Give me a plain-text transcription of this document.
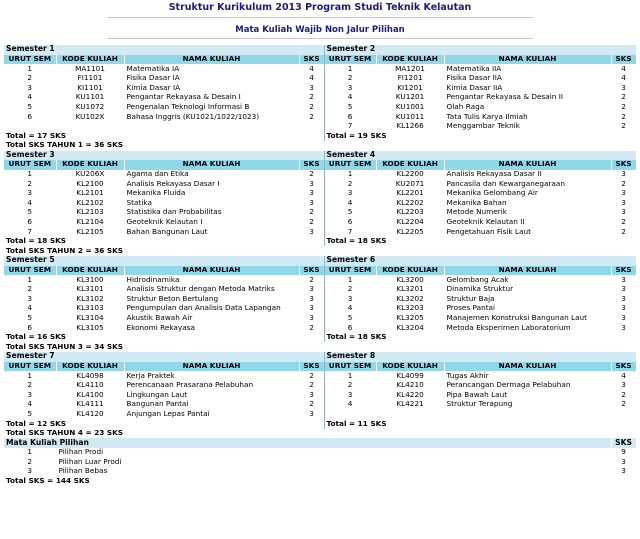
Struktur Kurikulum 2013 Program Studi Teknik Kelautan
Mata Kuliah Wajib Non Jalur Pilihan
Semester 1				Semester 2			
URUT SEM	KODE KULIAH	NAMA KULIAH	SKS	URUT SEM	KODE KULIAH	NAMA KULIAH	SKS
1	MA1101	Matematika IA	4	1	MA1201	Matematika IIA	4
2	FI1101	Fisika Dasar IA	4	2	FI1201	Fisika Dasar IIA	4
3	KI1101	Kimia Dasar IA	3	3	KI1201	Kimia Dasar IIA	3
4	KU1101	Pengantar Rekayasa & Desain I	2	4	KU1201	Pengantar Rekayasa & Desain II	2
5	KU1072	Pengenalan Teknologi Informasi B	2	5	KU1001	Olah Raga	2
6	KU102X	Bahasa Inggris (KU1021/1022/1023)	2	6	KU1011	Tata Tulis Karya Ilmiah	2
				7	KL1266	Menggambar Teknik	2
Total = 17 SKS				Total = 19 SKS			
Total SKS TAHUN 1 = 36 SKS							
Semester 3				Semester 4			
URUT SEM	KODE KULIAH	NAMA KULIAH	SKS	URUT SEM	KODE KULIAH	NAMA KULIAH	SKS
1	KU206X	Agama dan Etika	2	1	KL2200	Analisis Rekayasa Dasar II	3
2	KL2100	Analisis Rekayasa Dasar I	3	2	KU2071	Pancasila dan Kewarganegaraan	2
3	KL2101	Mekanika Fluida	3	3	KL2201	Mekanika Gelombang Air	3
4	KL2102	Statika	3	4	KL2202	Mekanika Bahan	3
5	KL2103	Statistika dan Probabilitas	2	5	KL2203	Metode Numerik	3
6	KL2104	Geoteknik Kelautan I	2	6	KL2204	Geoteknik Kelautan II	2
7	KL2105	Bahan Bangunan Laut	3	7	KL2205	Pengetahuan Fisik Laut	2
Total = 18 SKS				Total = 18 SKS			
Total SKS TAHUN 2 = 36 SKS							
Semester 5				Semester 6			
URUT SEM	KODE KULIAH	NAMA KULIAH	SKS	URUT SEM	KODE KULIAH	NAMA KULIAH	SKS
1	KL3100	Hidrodinamika	2	1	KL3200	Gelombang Acak	3
2	KL3101	Analisis Struktur dengan Metoda Matriks	3	2	KL3201	Dinamika Struktur	3
3	KL3102	Struktur Beton Bertulang	3	3	KL3202	Struktur Baja	3
4	KL3103	Pengumpulan dan Analisis Data Lapangan	3	4	KL3203	Proses Pantai	3
5	KL3104	Akustik Bawah Air	3	5	KL3205	Manajemen Konstruksi Bangunan Laut	3
6	KL3105	Ekonomi Rekayasa	2	6	KL3204	Metoda Eksperimen Laboratorium	3
Total = 16 SKS				Total = 18 SKS			
Total SKS TAHUN 3 = 34 SKS							
Semester 7				Semester 8			
URUT SEM	KODE KULIAH	NAMA KULIAH	SKS	URUT SEM	KODE KULIAH	NAMA KULIAH	SKS
1	KL4098	Kerja Praktek	2	1	KL4099	Tugas Akhir	4
2	KL4110	Perencanaan Prasarana Pelabuhan	2	2	KL4210	Perancangan Dermaga Pelabuhan	3
3	KL4100	Lingkungan Laut	3	3	KL4220	Pipa Bawah Laut	2
4	KL4111	Bangunan Pantai	2	4	KL4221	Struktur Terapung	2
5	KL4120	Anjungan Lepas Pantai	3				
Total = 12 SKS				Total = 11 SKS			
Total SKS TAHUN 4 = 23 SKS							
Mata Kuliah Pilihan							SKS
1	Pilihan Prodi						9
2	Pilihan Luar Prodi						3
3	Pilihan Bebas						3
Total SKS = 144 SKS							
